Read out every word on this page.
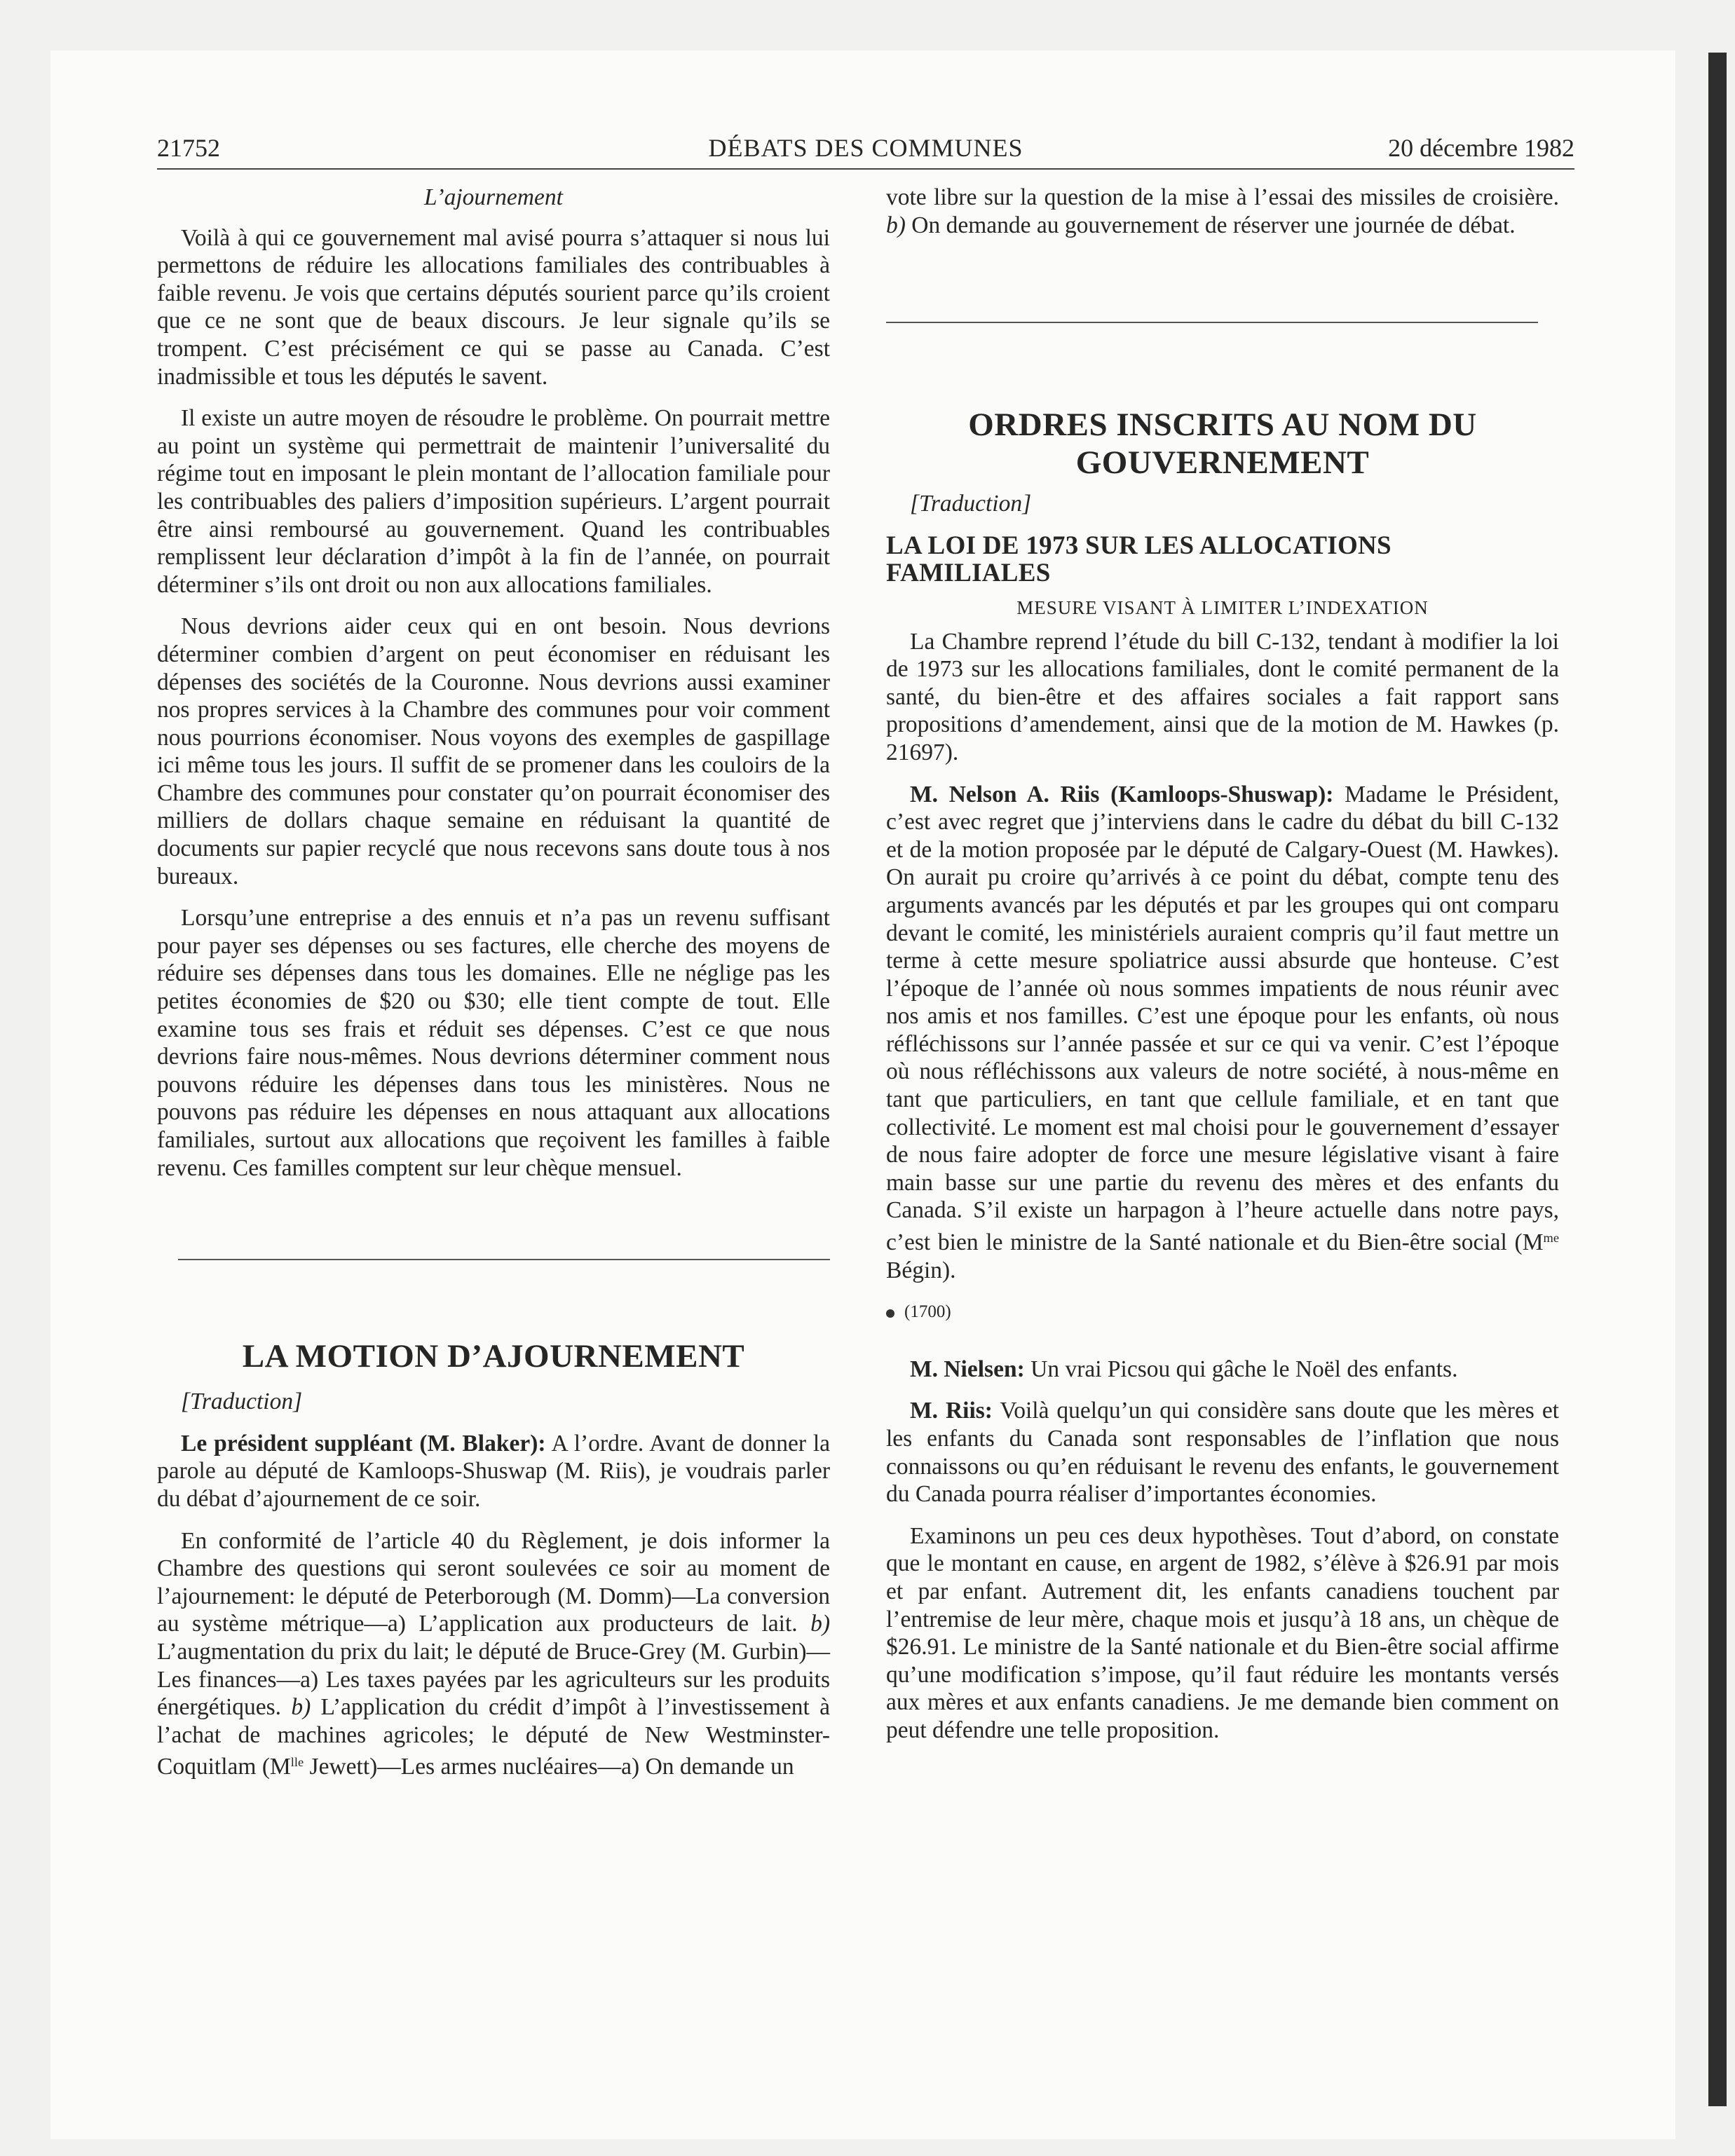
21752	DÉBATS DES COMMUNES	20 décembre 1982
L’ajournement

Voilà à qui ce gouvernement mal avisé pourra s’attaquer si nous lui permettons de réduire les allocations familiales des contribuables à faible revenu. Je vois que certains députés sourient parce qu’ils croient que ce ne sont que de beaux discours. Je leur signale qu’ils se trompent. C’est précisément ce qui se passe au Canada. C’est inadmissible et tous les députés le savent.

Il existe un autre moyen de résoudre le problème. On pourrait mettre au point un système qui permettrait de maintenir l’universalité du régime tout en imposant le plein montant de l’allocation familiale pour les contribuables des paliers d’imposition supérieurs. L’argent pourrait être ainsi remboursé au gouvernement. Quand les contribuables remplissent leur déclaration d’impôt à la fin de l’année, on pourrait déterminer s’ils ont droit ou non aux allocations familiales.

Nous devrions aider ceux qui en ont besoin. Nous devrions déterminer combien d’argent on peut économiser en réduisant les dépenses des sociétés de la Couronne. Nous devrions aussi examiner nos propres services à la Chambre des communes pour voir comment nous pourrions économiser. Nous voyons des exemples de gaspillage ici même tous les jours. Il suffit de se promener dans les couloirs de la Chambre des communes pour constater qu’on pourrait économiser des milliers de dollars chaque semaine en réduisant la quantité de documents sur papier recyclé que nous recevons sans doute tous à nos bureaux.

Lorsqu’une entreprise a des ennuis et n’a pas un revenu suffisant pour payer ses dépenses ou ses factures, elle cherche des moyens de réduire ses dépenses dans tous les domaines. Elle ne néglige pas les petites économies de $20 ou $30; elle tient compte de tout. Elle examine tous ses frais et réduit ses dépenses. C’est ce que nous devrions faire nous-mêmes. Nous devrions déterminer comment nous pouvons réduire les dépenses dans tous les ministères. Nous ne pouvons pas réduire les dépenses en nous attaquant aux allocations familiales, surtout aux allocations que reçoivent les familles à faible revenu. Ces familles comptent sur leur chèque mensuel.

LA MOTION D’AJOURNEMENT

[Traduction]

Le président suppléant (M. Blaker): A l’ordre. Avant de donner la parole au député de Kamloops-Shuswap (M. Riis), je voudrais parler du débat d’ajournement de ce soir.

En conformité de l’article 40 du Règlement, je dois informer la Chambre des questions qui seront soulevées ce soir au moment de l’ajournement: le député de Peterborough (M. Domm)—La conversion au système métrique—a) L’application aux producteurs de lait. b) L’augmentation du prix du lait; le député de Bruce-Grey (M. Gurbin)—Les finances—a) Les taxes payées par les agriculteurs sur les produits énergétiques. b) L’application du crédit d’impôt à l’investissement à l’achat de machines agricoles; le député de New Westminster-Coquitlam ($M^{lle}$ Jewett)—Les armes nucléaires—a) On demande un

vote libre sur la question de la mise à l’essai des missiles de croisière. b) On demande au gouvernement de réserver une journée de débat.

ORDRES INSCRITS AU NOM DU GOUVERNEMENT

[Traduction]

LA LOI DE 1973 SUR LES ALLOCATIONS FAMILIALES
MESURE VISANT À LIMITER L’INDEXATION

La Chambre reprend l’étude du bill C-132, tendant à modifier la loi de 1973 sur les allocations familiales, dont le comité permanent de la santé, du bien-être et des affaires sociales a fait rapport sans propositions d’amendement, ainsi que de la motion de M. Hawkes (p. 21697).

M. Nelson A. Riis (Kamloops-Shuswap): Madame le Président, c’est avec regret que j’interviens dans le cadre du débat du bill C-132 et de la motion proposée par le député de Calgary-Ouest (M. Hawkes). On aurait pu croire qu’arrivés à ce point du débat, compte tenu des arguments avancés par les députés et par les groupes qui ont comparu devant le comité, les ministériels auraient compris qu’il faut mettre un terme à cette mesure spoliatrice aussi absurde que honteuse. C’est l’époque de l’année où nous sommes impatients de nous réunir avec nos amis et nos familles. C’est une époque pour les enfants, où nous réfléchissons sur l’année passée et sur ce qui va venir. C’est l’époque où nous réfléchissons aux valeurs de notre société, à nous-même en tant que particuliers, en tant que cellule familiale, et en tant que collectivité. Le moment est mal choisi pour le gouvernement d’essayer de nous faire adopter de force une mesure législative visant à faire main basse sur une partie du revenu des mères et des enfants du Canada. S’il existe un harpagon à l’heure actuelle dans notre pays, c’est bien le ministre de la Santé nationale et du Bien-être social ($M^{me}$ Bégin).

(1700)

M. Nielsen: Un vrai Picsou qui gâche le Noël des enfants.

M. Riis: Voilà quelqu’un qui considère sans doute que les mères et les enfants du Canada sont responsables de l’inflation que nous connaissons ou qu’en réduisant le revenu des enfants, le gouvernement du Canada pourra réaliser d’importantes économies.

Examinons un peu ces deux hypothèses. Tout d’abord, on constate que le montant en cause, en argent de 1982, s’élève à $26.91 par mois et par enfant. Autrement dit, les enfants canadiens touchent par l’entremise de leur mère, chaque mois et jusqu’à 18 ans, un chèque de $26.91. Le ministre de la Santé nationale et du Bien-être social affirme qu’une modification s’impose, qu’il faut réduire les montants versés aux mères et aux enfants canadiens. Je me demande bien comment on peut défendre une telle proposition.
